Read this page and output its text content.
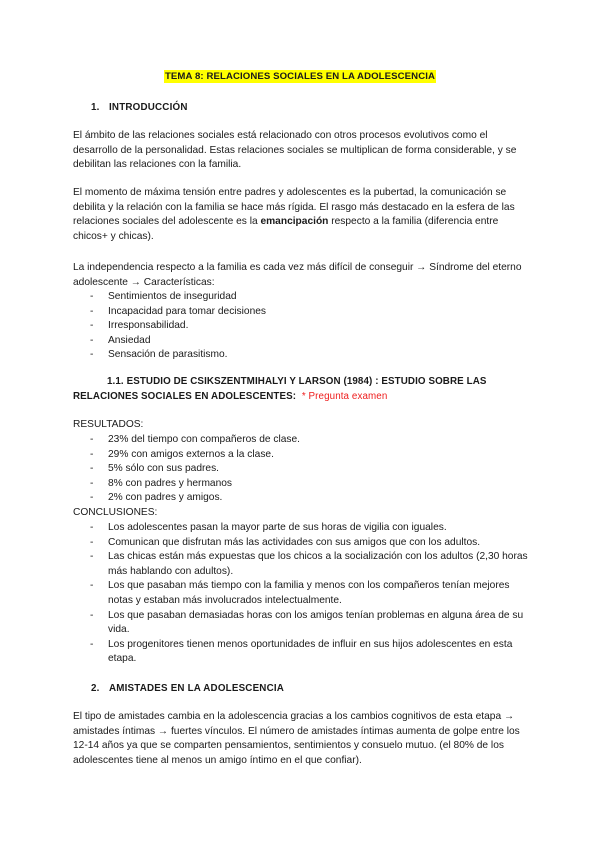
TEMA 8: RELACIONES SOCIALES EN LA ADOLESCENCIA
1. INTRODUCCIÓN

El ámbito de las relaciones sociales está relacionado con otros procesos evolutivos como el desarrollo de la personalidad. Estas relaciones sociales se multiplican de forma considerable, y se debilitan las relaciones con la familia.

El momento de máxima tensión entre padres y adolescentes es la pubertad, la comunicación se debilita y la relación con la familia se hace más rígida. El rasgo más destacado en la esfera de las relaciones sociales del adolescente es la emancipación respecto a la familia (diferencia entre chicos+ y chicas).

La independencia respecto a la familia es cada vez más difícil de conseguir → Síndrome del eterno adolescente → Características:

- Sentimientos de inseguridad
- Incapacidad para tomar decisiones
- Irresponsabilidad.
- Ansiedad
- Sensación de parasitismo.
1.1. ESTUDIO DE CSIKSZENTMIHALYI Y LARSON (1984) : ESTUDIO SOBRE LAS RELACIONES SOCIALES EN ADOLESCENTES: * Pregunta examen
RESULTADOS:
- 23% del tiempo con compañeros de clase.
- 29% con amigos externos a la clase.
- 5% sólo con sus padres.
- 8% con padres y hermanos
- 2% con padres y amigos.
CONCLUSIONES:
- Los adolescentes pasan la mayor parte de sus horas de vigilia con iguales.
- Comunican que disfrutan más las actividades con sus amigos que con los adultos.
- Las chicas están más expuestas que los chicos a la socialización con los adultos (2,30 horas más hablando con adultos).
- Los que pasaban más tiempo con la familia y menos con los compañeros tenían mejores notas y estaban más involucrados intelectualmente.
- Los que pasaban demasiadas horas con los amigos tenían problemas en alguna área de su vida.
- Los progenitores tienen menos oportunidades de influir en sus hijos adolescentes en esta etapa.
2. AMISTADES EN LA ADOLESCENCIA

El tipo de amistades cambia en la adolescencia gracias a los cambios cognitivos de esta etapa → amistades íntimas → fuertes vínculos. El número de amistades íntimas aumenta de golpe entre los 12-14 años ya que se comparten pensamientos, sentimientos y consuelo mutuo. (el 80% de los adolescentes tiene al menos un amigo íntimo en el que confiar).
